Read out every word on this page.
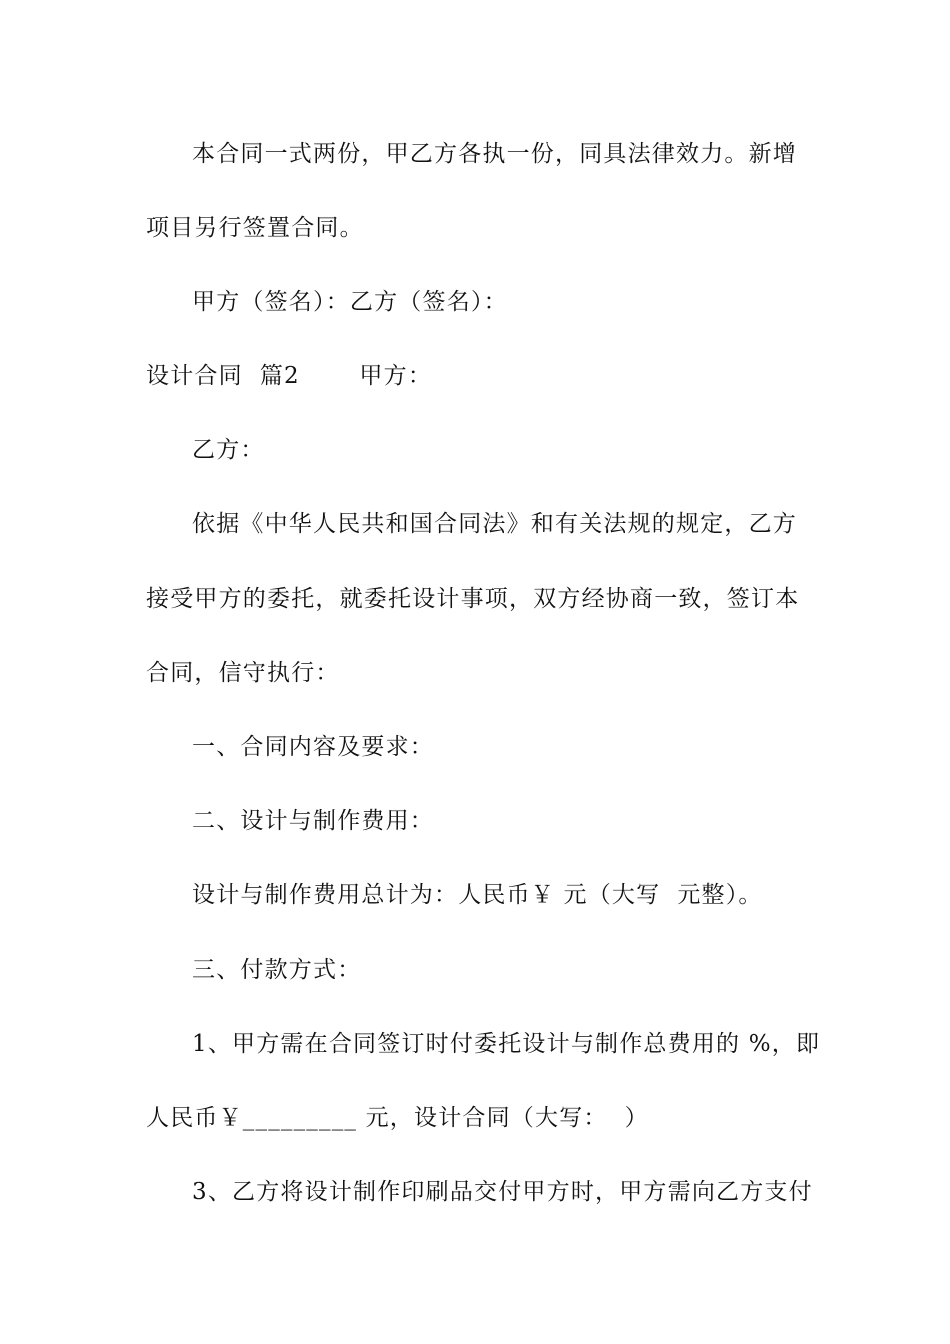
本合同一式两份，甲乙方各执一份，同具法律效力。新增
项目另行签置合同。
甲方（签名）：乙方（签名）：
设计合同  篇2       甲方：
乙方：
依据《中华人民共和国合同法》和有关法规的规定，乙方
接受甲方的委托，就委托设计事项，双方经协商一致，签订本
合同，信守执行：
一、合同内容及要求：
二、设计与制作费用：
设计与制作费用总计为：人民币￥ 元（大写  元整）。
三、付款方式：
1、甲方需在合同签订时付委托设计与制作总费用的 %，即
人民币￥_________ 元，设计合同（大写：  ）
3、乙方将设计制作印刷品交付甲方时，甲方需向乙方支付
